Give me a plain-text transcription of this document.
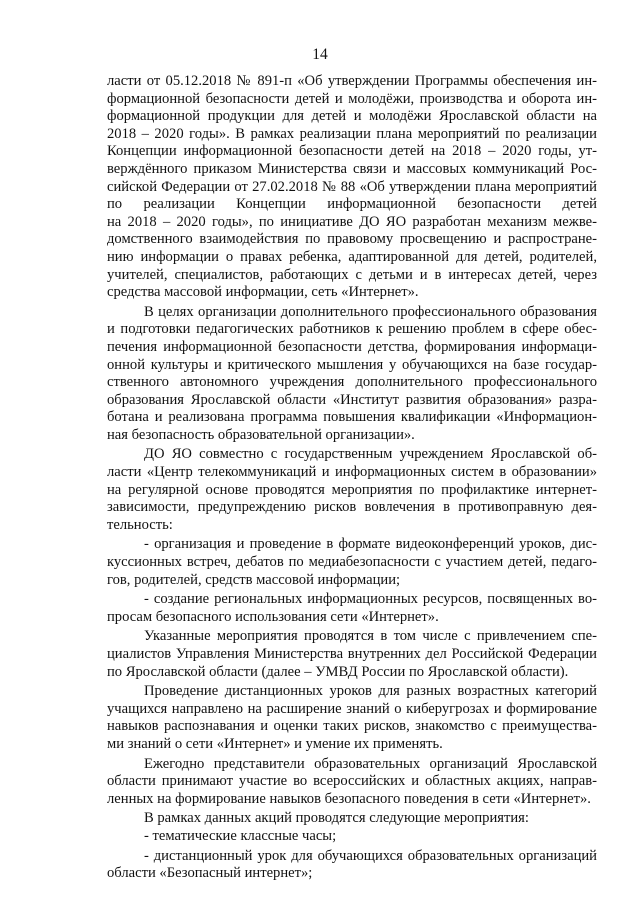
14
ласти от 05.12.2018 № 891-п «Об утверждении Программы обеспечения ин-
формационной безопасности детей и молодёжи, производства и оборота ин-
формационной продукции для детей и молодёжи Ярославской области на
2018 – 2020 годы». В рамках реализации плана мероприятий по реализации
Концепции информационной безопасности детей на 2018 – 2020 годы, ут-
верждённого приказом Министерства связи и массовых коммуникаций Рос-
сийской Федерации от 27.02.2018 № 88 «Об утверждении плана мероприятий
по реализации Концепции информационной безопасности детей
на 2018 – 2020 годы», по инициативе ДО ЯО разработан механизм межве-
домственного взаимодействия по правовому просвещению и распростране-
нию информации о правах ребенка, адаптированной для детей, родителей,
учителей, специалистов, работающих с детьми и в интересах детей, через
средства массовой информации, сеть «Интернет».
В целях организации дополнительного профессионального образования
и подготовки педагогических работников к решению проблем в сфере обес-
печения информационной безопасности детства, формирования информаци-
онной культуры и критического мышления у обучающихся на базе государ-
ственного автономного учреждения дополнительного профессионального
образования Ярославской области «Институт развития образования» разра-
ботана и реализована программа повышения квалификации «Информацион-
ная безопасность образовательной организации».
ДО ЯО совместно с государственным учреждением Ярославской об-
ласти «Центр телекоммуникаций и информационных систем в образовании»
на регулярной основе проводятся мероприятия по профилактике интернет-
зависимости, предупреждению рисков вовлечения в противоправную дея-
тельность:
- организация и проведение в формате видеоконференций уроков, дис-
куссионных встреч, дебатов по медиабезопасности с участием детей, педаго-
гов, родителей, средств массовой информации;
- создание региональных информационных ресурсов, посвященных во-
просам безопасного использования сети «Интернет».
Указанные мероприятия проводятся в том числе с привлечением спе-
циалистов Управления Министерства внутренних дел Российской Федерации
по Ярославской области (далее – УМВД России по Ярославской области).
Проведение дистанционных уроков для разных возрастных категорий
учащихся направлено на расширение знаний о киберугрозах и формирование
навыков распознавания и оценки таких рисков, знакомство с преимущества-
ми знаний о сети «Интернет» и умение их применять.
Ежегодно представители образовательных организаций Ярославской
области принимают участие во всероссийских и областных акциях, направ-
ленных на формирование навыков безопасного поведения в сети «Интернет».
В рамках данных акций проводятся следующие мероприятия:
- тематические классные часы;
- дистанционный урок для обучающихся образовательных организаций
области «Безопасный интернет»;
